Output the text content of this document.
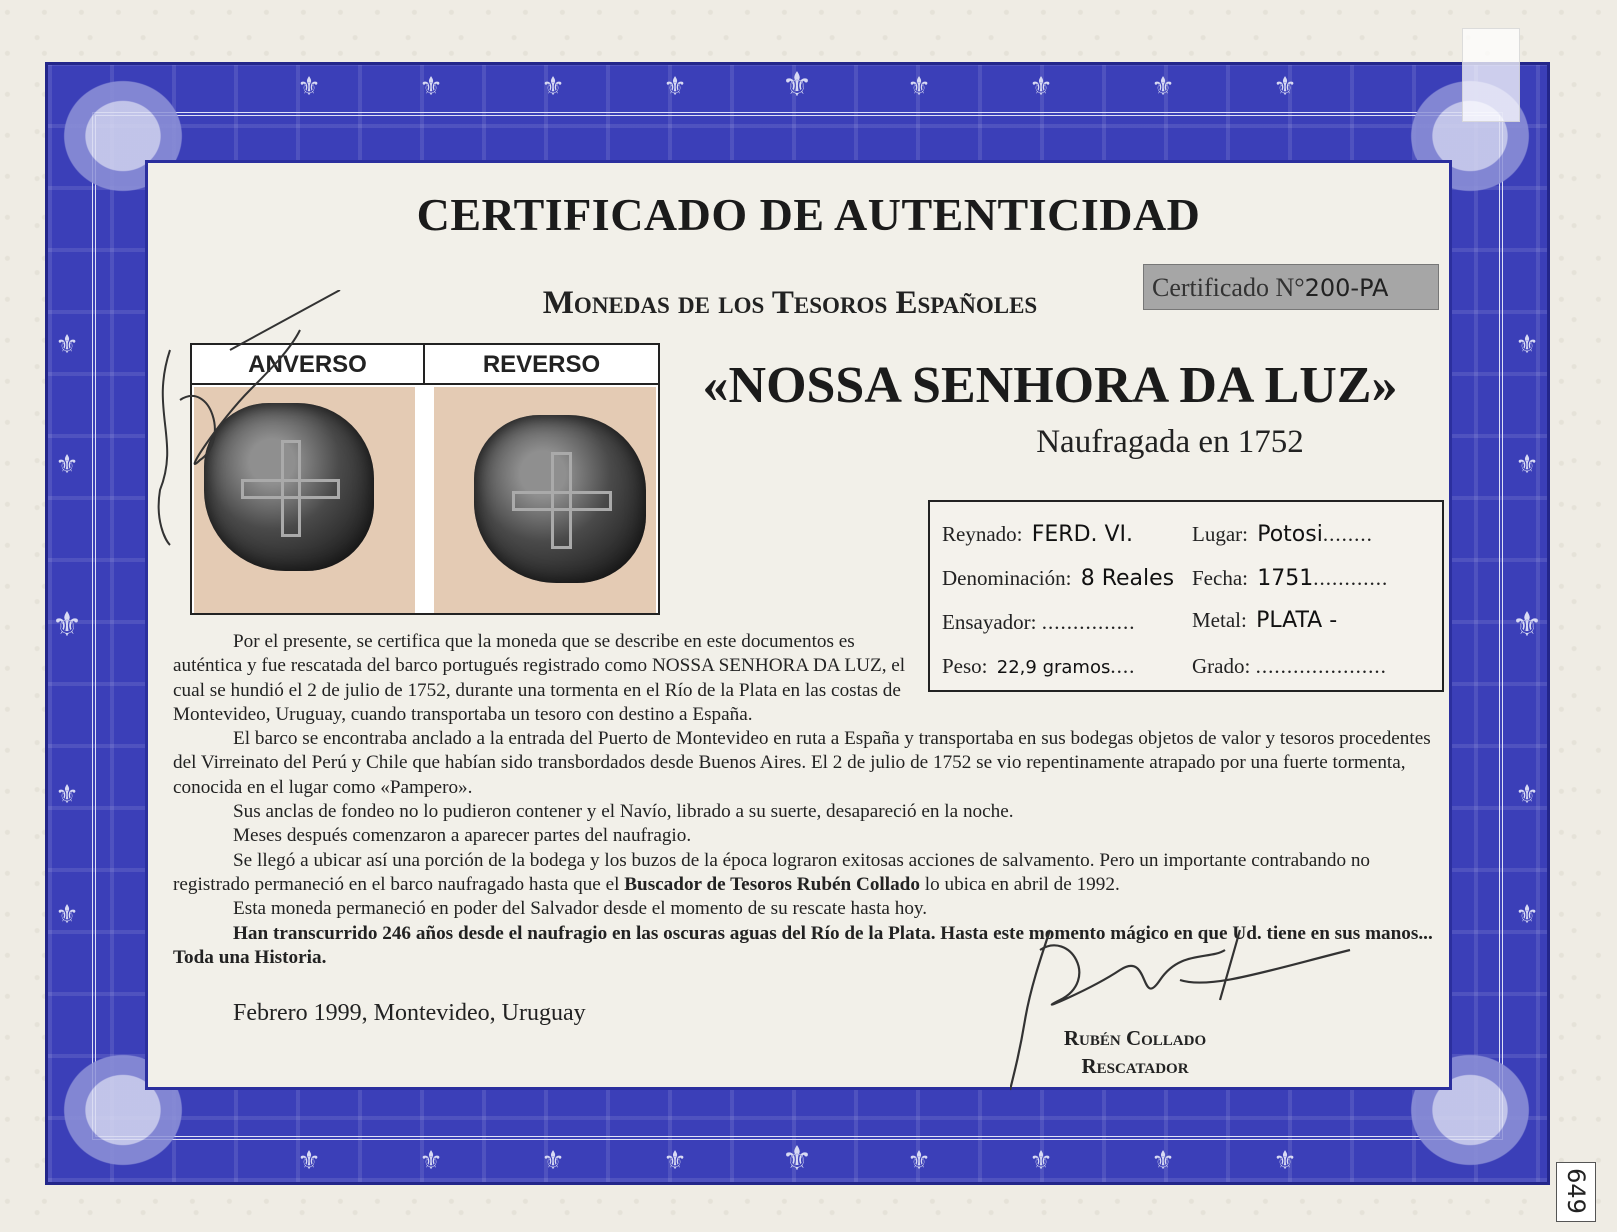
⚜	⚜	⚜	⚜	⚜	⚜	⚜	⚜	⚜
⚜	⚜	⚜	⚜	⚜	⚜	⚜	⚜	⚜
⚜
⚜
⚜
⚜
⚜
⚜
⚜
⚜
⚜
⚜
CERTIFICADO DE AUTENTICIDAD
Monedas de los Tesoros Españoles	Certificado N°200-PA
ANVERSO	REVERSO	«NOSSA SENHORA DA LUZ»
Naufragada en 1752
Reynado: FERD. VI.	Lugar: Potosi........
Denominación: 8 Reales Fecha: 1751............
Ensayador: ...............	Metal: PLATA -
Peso: 22,9 gramos....	Grado: .....................

Por el presente, se certifica que la moneda que se describe en este documentos es auténtica y fue rescatada del barco portugués registrado como NOSSA SENHORA DA LUZ, el cual se hundió el 2 de julio de 1752, durante una tormenta en el Río de la Plata en las costas de Montevideo, Uruguay, cuando transportaba un tesoro con destino a España.

El barco se encontraba anclado a la entrada del Puerto de Montevideo en ruta a España y transportaba en sus bodegas objetos de valor y tesoros procedentes del Virreinato del Perú y Chile que habían sido transbordados desde Buenos Aires. El 2 de julio de 1752 se vio repentinamente atrapado por una fuerte tormenta, conocida en el lugar como «Pampero».

Sus anclas de fondeo no lo pudieron contener y el Navío, librado a su suerte, desapareció en la noche.

Meses después comenzaron a aparecer partes del naufragio.

Se llegó a ubicar así una porción de la bodega y los buzos de la época lograron exitosas acciones de salvamento. Pero un importante contrabando no registrado permaneció en el barco naufragado hasta que el Buscador de Tesoros Rubén Collado lo ubica en abril de 1992.

Esta moneda permaneció en poder del Salvador desde el momento de su rescate hasta hoy.

Han transcurrido 246 años desde el naufragio en las oscuras aguas del Río de la Plata. Hasta este momento mágico en que Ud. tiene en sus manos... Toda una Historia.

Febrero 1999, Montevideo, Uruguay
Rubén Collado
Rescatador
649
